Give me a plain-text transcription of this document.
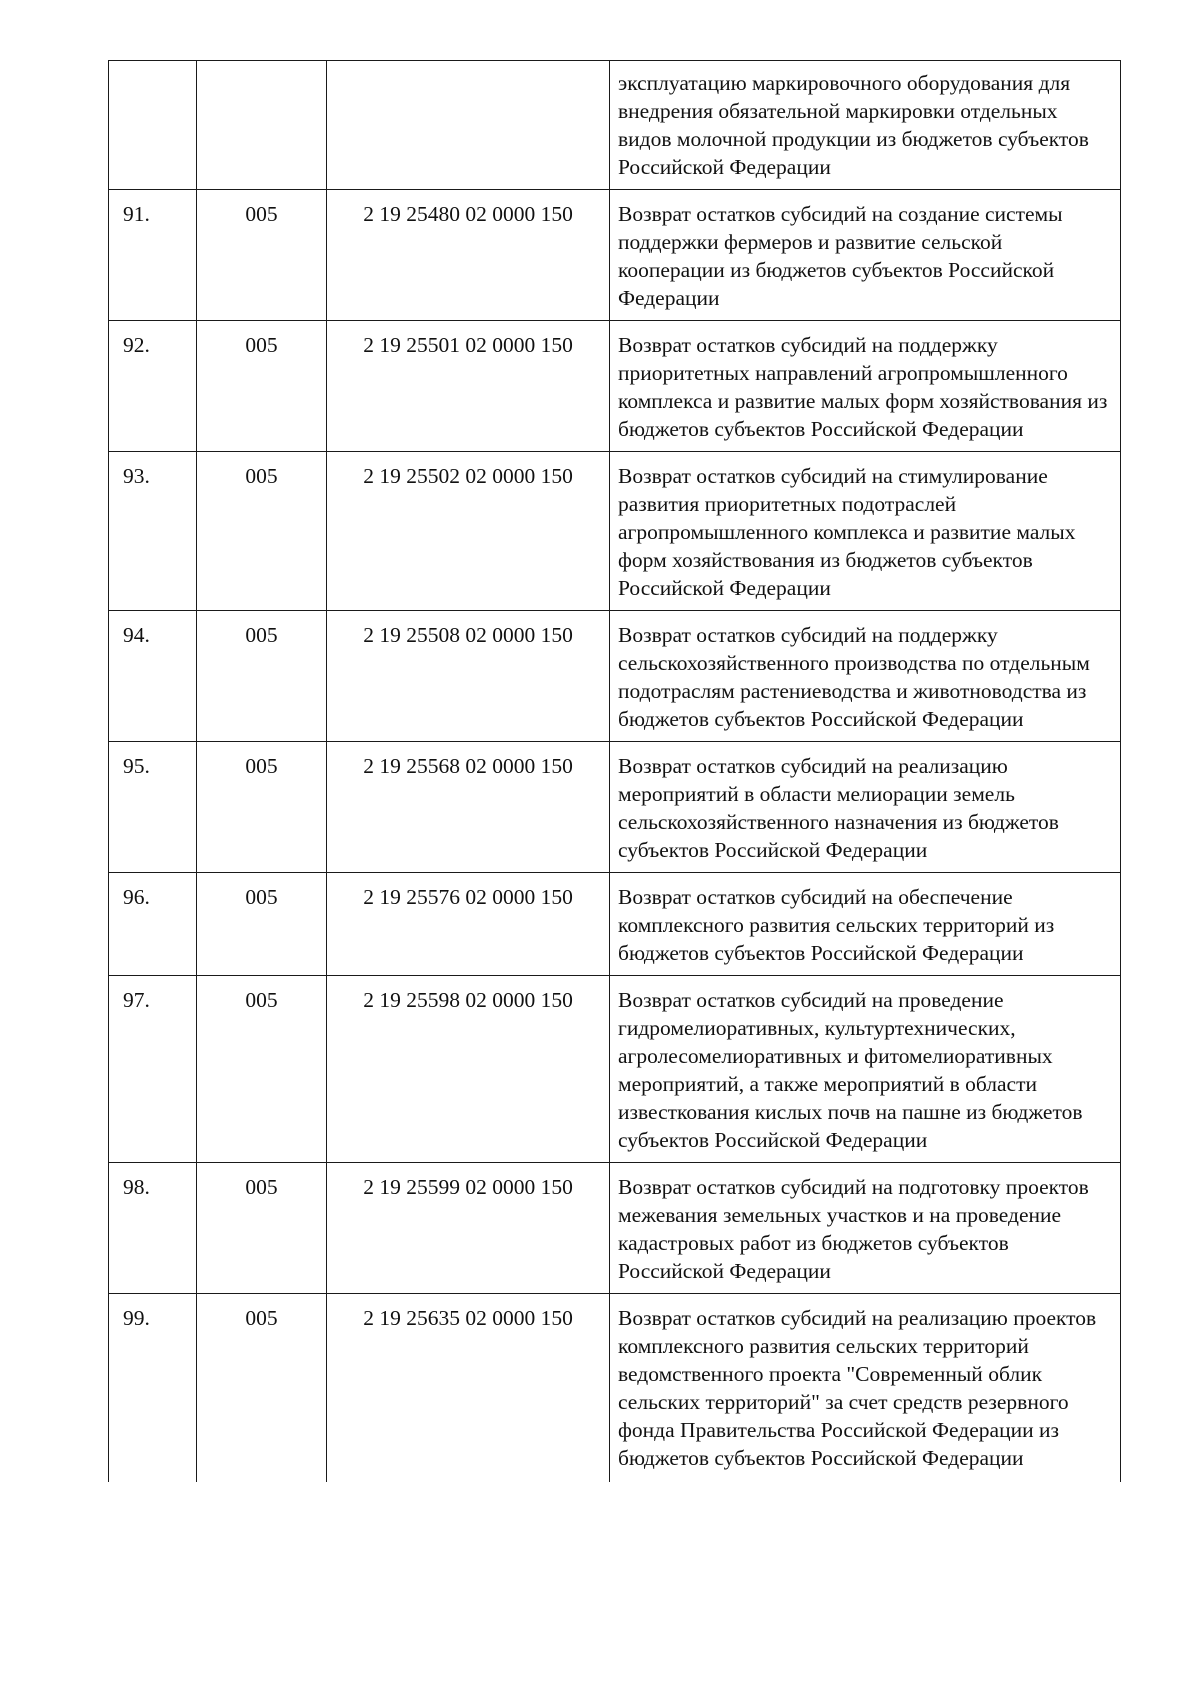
			эксплуатацию маркировочного оборудования для внедрения обязательной маркировки отдельных видов молочной продукции из бюджетов субъектов Российской Федерации
91.	005	2 19 25480 02 0000 150	Возврат остатков субсидий на создание системы поддержки фермеров и развитие сельской кооперации из бюджетов субъектов Российской Федерации
92.	005	2 19 25501 02 0000 150	Возврат остатков субсидий на поддержку приоритетных направлений агропромышленного комплекса и развитие малых форм хозяйствования из бюджетов субъектов Российской Федерации
93.	005	2 19 25502 02 0000 150	Возврат остатков субсидий на стимулирование развития приоритетных подотраслей агропромышленного комплекса и развитие малых форм хозяйствования из бюджетов субъектов Российской Федерации
94.	005	2 19 25508 02 0000 150	Возврат остатков субсидий на поддержку сельскохозяйственного производства по отдельным подотраслям растениеводства и животноводства из бюджетов субъектов Российской Федерации
95.	005	2 19 25568 02 0000 150	Возврат остатков субсидий на реализацию мероприятий в области мелиорации земель сельскохозяйственного назначения из бюджетов субъектов Российской Федерации
96.	005	2 19 25576 02 0000 150	Возврат остатков субсидий на обеспечение комплексного развития сельских территорий из бюджетов субъектов Российской Федерации
97.	005	2 19 25598 02 0000 150	Возврат остатков субсидий на проведение гидромелиоративных, культуртехнических, агролесомелиоративных и фитомелиоративных мероприятий, а также мероприятий в области известкования кислых почв на пашне из бюджетов субъектов Российской Федерации
98.	005	2 19 25599 02 0000 150	Возврат остатков субсидий на подготовку проектов межевания земельных участков и на проведение кадастровых работ из бюджетов субъектов Российской Федерации
99.	005	2 19 25635 02 0000 150	Возврат остатков субсидий на реализацию проектов комплексного развития сельских территорий ведомственного проекта "Современный облик сельских территорий" за счет средств резервного фонда Правительства Российской Федерации из бюджетов субъектов Российской Федерации
